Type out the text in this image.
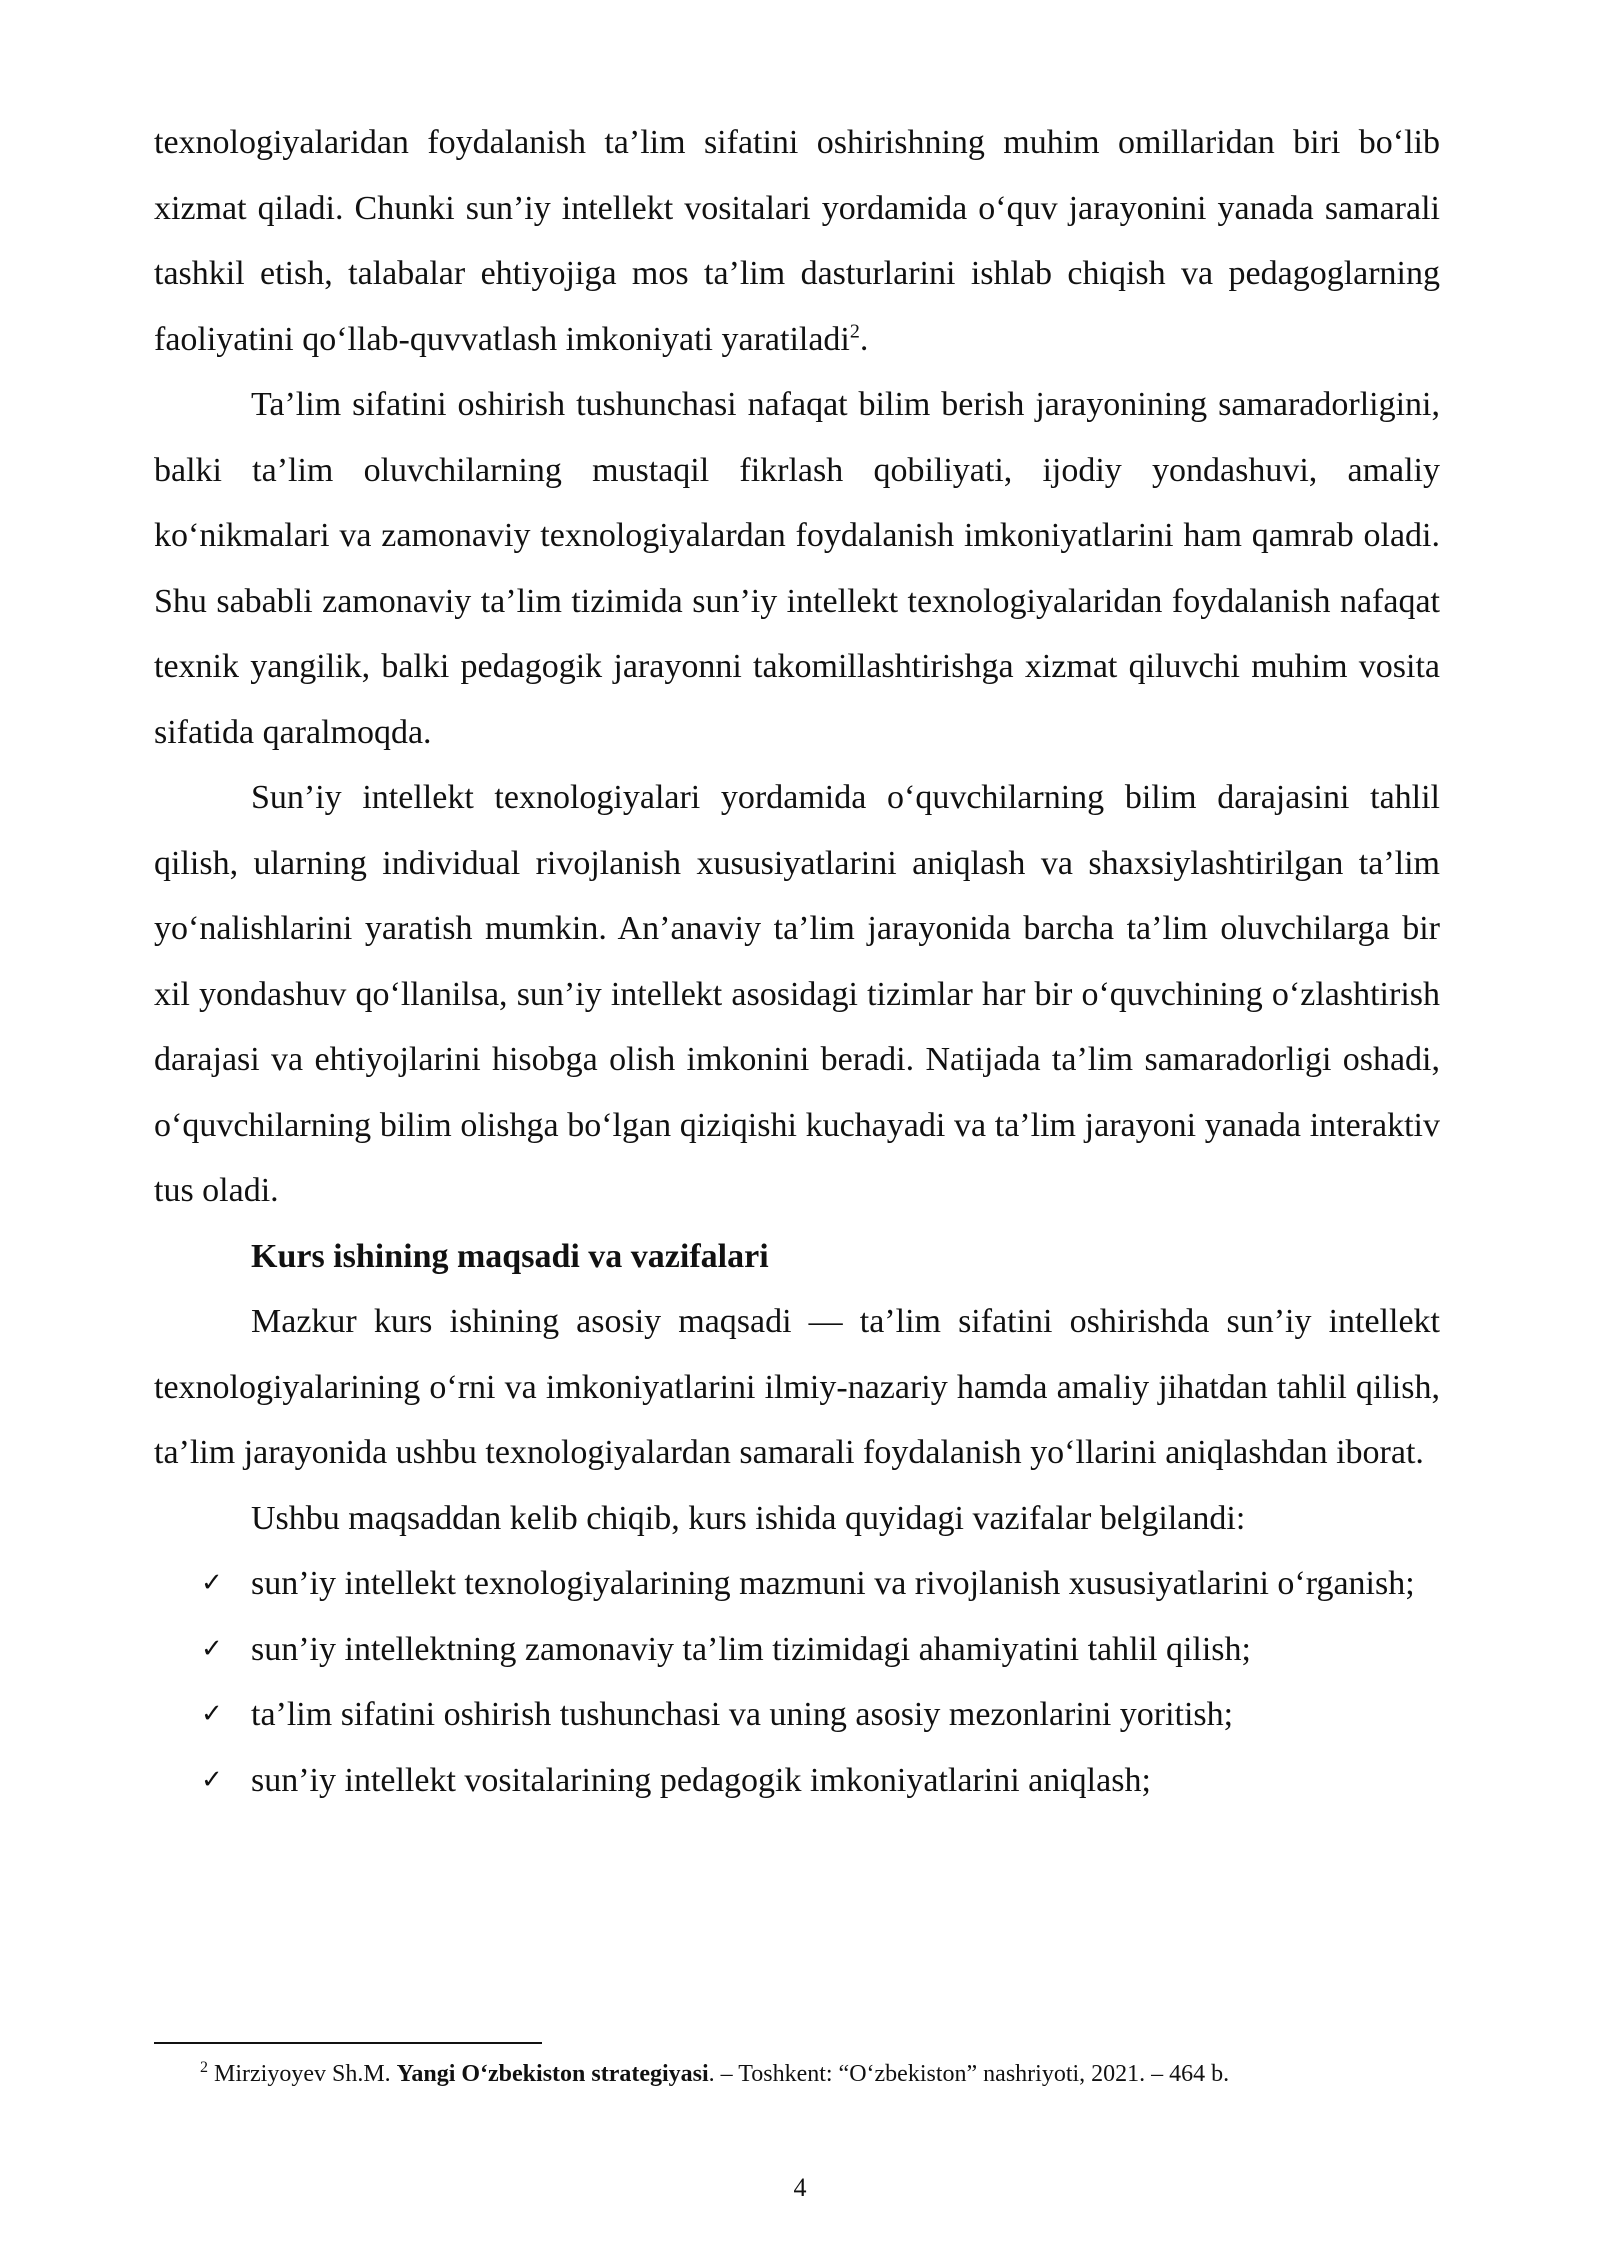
texnologiyalaridan foydalanish ta’lim sifatini oshirishning muhim omillaridan biri bo‘lib xizmat qiladi. Chunki sun’iy intellekt vositalari yordamida o‘quv jarayonini yanada samarali tashkil etish, talabalar ehtiyojiga mos ta’lim dasturlarini ishlab chiqish va pedagoglarning faoliyatini qo‘llab-quvvatlash imkoniyati yaratiladi$^2$.

Ta’lim sifatini oshirish tushunchasi nafaqat bilim berish jarayonining samaradorligini, balki ta’lim oluvchilarning mustaqil fikrlash qobiliyati, ijodiy yondashuvi, amaliy ko‘nikmalari va zamonaviy texnologiyalardan foydalanish imkoniyatlarini ham qamrab oladi. Shu sababli zamonaviy ta’lim tizimida sun’iy intellekt texnologiyalaridan foydalanish nafaqat texnik yangilik, balki pedagogik jarayonni takomillashtirishga xizmat qiluvchi muhim vosita sifatida qaralmoqda.

Sun’iy intellekt texnologiyalari yordamida o‘quvchilarning bilim darajasini tahlil qilish, ularning individual rivojlanish xususiyatlarini aniqlash va shaxsiylashtirilgan ta’lim yo‘nalishlarini yaratish mumkin. An’anaviy ta’lim jarayonida barcha ta’lim oluvchilarga bir xil yondashuv qo‘llanilsa, sun’iy intellekt asosidagi tizimlar har bir o‘quvchining o‘zlashtirish darajasi va ehtiyojlarini hisobga olish imkonini beradi. Natijada ta’lim samaradorligi oshadi, o‘quvchilarning bilim olishga bo‘lgan qiziqishi kuchayadi va ta’lim jarayoni yanada interaktiv tus oladi.

Kurs ishining maqsadi va vazifalari

Mazkur kurs ishining asosiy maqsadi — ta’lim sifatini oshirishda sun’iy intellekt texnologiyalarining o‘rni va imkoniyatlarini ilmiy-nazariy hamda amaliy jihatdan tahlil qilish, ta’lim jarayonida ushbu texnologiyalardan samarali foydalanish yo‘llarini aniqlashdan iborat.

Ushbu maqsaddan kelib chiqib, kurs ishida quyidagi vazifalar belgilandi:

✓ sun’iy intellekt texnologiyalarining mazmuni va rivojlanish xususiyatlarini o‘rganish;
✓ sun’iy intellektning zamonaviy ta’lim tizimidagi ahamiyatini tahlil qilish;
✓ ta’lim sifatini oshirish tushunchasi va uning asosiy mezonlarini yoritish;
✓ sun’iy intellekt vositalarining pedagogik imkoniyatlarini aniqlash;
$^2$ Mirziyoyev Sh.M. Yangi O‘zbekiston strategiyasi. – Toshkent: “O‘zbekiston” nashriyoti, 2021. – 464 b.
4
